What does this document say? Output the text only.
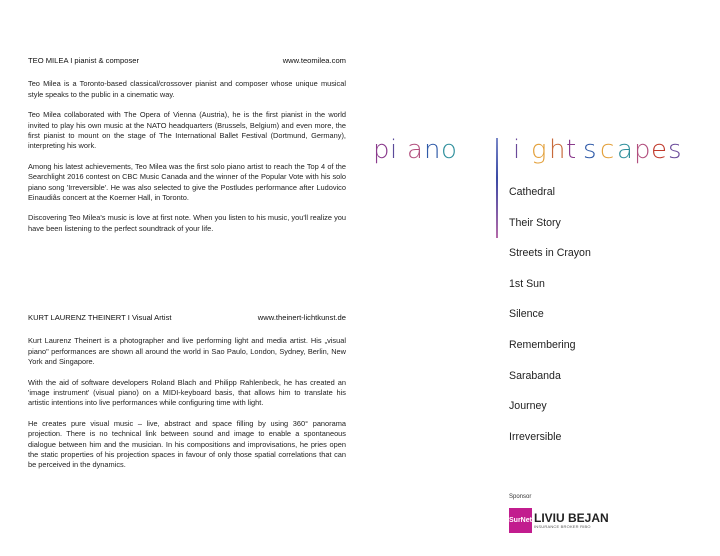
TEO MILEA I pianist & composer	www.teomilea.com

Teo Milea is a Toronto-based classical/crossover pianist and composer whose unique musical style speaks to the public in a cinematic way.

Teo Milea collaborated with The Opera of Vienna (Austria), he is the first pianist in the world invited to play his own music at the NATO headquarters (Brussels, Belgium) and even more, the first pianist to mount on the stage of The International Ballet Festival (Dortmund, Germany), interpreting his work.

Among his latest achievements, Teo Milea was the first solo piano artist to reach the Top 4 of the Searchlight 2016 contest on CBC Music Canada and the winner of the Popular Vote with his solo piano song 'Irreversible'. He was also selected to give the Postludes performance after Ludovico Einaudiâs concert at the Koerner Hall, in Toronto.

Discovering Teo Milea's music is love at first note. When you listen to his music, you'll realize you have been listening to the perfect soundtrack of your life.

KURT LAURENZ THEINERT I Visual Artist	www.theinert-lichtkunst.de

Kurt Laurenz Theinert is a photographer and live performing light and media artist. His „visual piano" performances are shown all around the world in Sao Paulo, London, Sydney, Berlin, New York and Singapore.

With the aid of software developers Roland Blach and Philipp Rahlenbeck, he has created an 'image instrument' (visual piano) on a MIDI-keyboard basis, that allows him to translate his artistic intentions into live performances while configuring time with light.

He creates pure visual music – live, abstract and space filling by using 360° panorama projection. There is no technical link between sound and image to enable a spontaneous dialogue between him and the musician. In his compositions and improvisations, he pries open the static properties of his projection spaces in favour of only those spatial correlations that can be perceived in the dynamics.

p i a n o i g h t s c a p e s
Cathedral
Their Story
Streets in Crayon
1st Sun
Silence
Remembering
Sarabanda
Journey
Irreversible
Sponsor
SurNet LIVIU BEJAN
INSURANCE BROKER RIBO
